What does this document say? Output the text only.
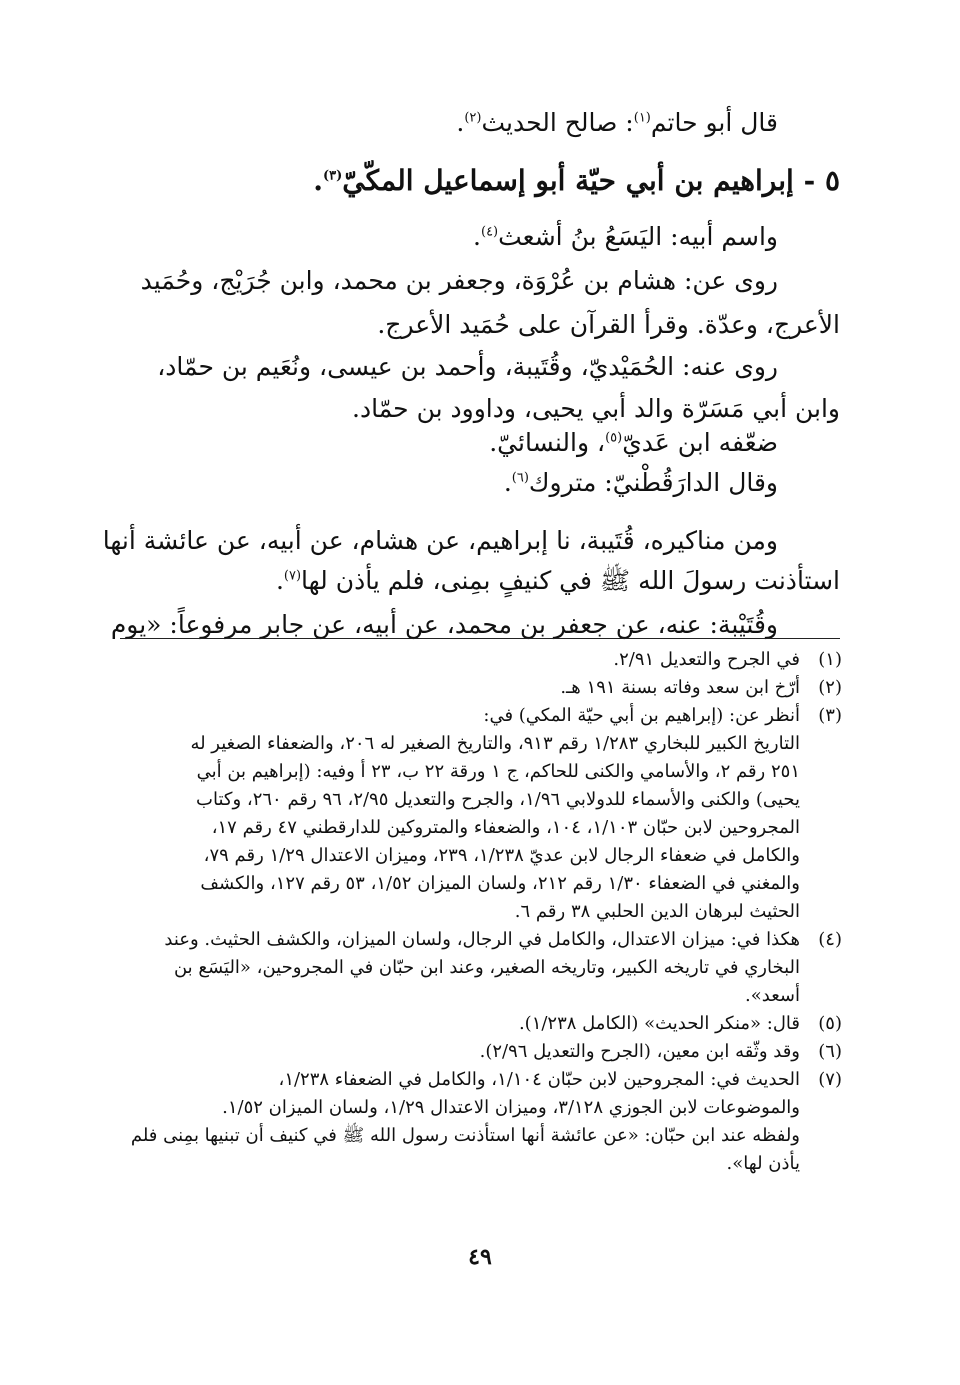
قال أبو حاتم$^{(١)}$: صالح الحديث$^{(٢)}$.
٥ - إبراهيم بن أبي حيّة أبو إسماعيل المكّيّ$^{(٣)}$.
واسم أبيه: اليَسَعُ بنُ أشعث$^{(٤)}$.
روى عن: هشام بن عُرْوَة، وجعفر بن محمد، وابن جُرَيْج، وحُمَيد
الأعرج، وعدّة. وقرأ القرآن على حُمَيد الأعرج.
روى عنه: الحُمَيْديّ، وقُتَيبة، وأحمد بن عيسى، ونُعَيم بن حمّاد،
وابن أبي مَسَرّة والد أبي يحيى، وداوود بن حمّاد.
ضعّفه ابن عَديّ$^{(٥)}$، والنسائيّ.
وقال الدارَقُطْنيّ: متروك$^{(٦)}$.
ومن مناكيره، قُتَيبة، نا إبراهيم، عن هشام، عن أبيه، عن عائشة أنها
استأذنت رسولَ الله ﷺ في كنيفٍ بمِنى، فلم يأذن لها$^{(٧)}$.
وقُتَيْبة: عنه، عن جعفر بن محمد، عن أبيه، عن جابر مرفوعاً: «يوم
(١)
في الجرح والتعديل ٢/٩١.
(٢)
أرّخ ابن سعد وفاته بسنة ١٩١ هـ.
(٣)
أنظر عن: (إبراهيم بن أبي حيّة المكي) في:
التاريخ الكبير للبخاري ١/٢٨٣ رقم ٩١٣، والتاريخ الصغير له ٢٠٦، والضعفاء الصغير له
٢٥١ رقم ٢، والأسامي والكنى للحاكم، ج ١ ورقة ٢٢ ب، ٢٣ أ وفيه: (إبراهيم بن أبي
يحيى) والكنى والأسماء للدولابي ١/٩٦، والجرح والتعديل ٢/٩٥، ٩٦ رقم ٢٦٠، وكتاب
المجروحين لابن حبّان ١/١٠٣، ١٠٤، والضعفاء والمتروكين للدارقطني ٤٧ رقم ١٧،
والكامل في ضعفاء الرجال لابن عديّ ١/٢٣٨، ٢٣٩، وميزان الاعتدال ١/٢٩ رقم ٧٩،
والمغني في الضعفاء ١/٣٠ رقم ٢١٢، ولسان الميزان ١/٥٢، ٥٣ رقم ١٢٧، والكشف
الحثيث لبرهان الدين الحلبي ٣٨ رقم ٦.
(٤)
هكذا في: ميزان الاعتدال، والكامل في الرجال، ولسان الميزان، والكشف الحثيث. وعند
البخاري في تاريخه الكبير، وتاريخه الصغير، وعند ابن حبّان في المجروحين، «اليَسَع بن
أسعد».
(٥)
قال: «منكر الحديث» (الكامل ١/٢٣٨).
(٦)
وقد وثّقه ابن معين، (الجرح والتعديل ٢/٩٦).
(٧)
الحديث في: المجروحين لابن حبّان ١/١٠٤، والكامل في الضعفاء ١/٢٣٨،
والموضوعات لابن الجوزي ٣/١٢٨، وميزان الاعتدال ١/٢٩، ولسان الميزان ١/٥٢.
ولفظه عند ابن حبّان: «عن عائشة أنها استأذنت رسول الله ﷺ في كنيف أن تبنيها بمِنى فلم
يأذن لها».
٤٩
